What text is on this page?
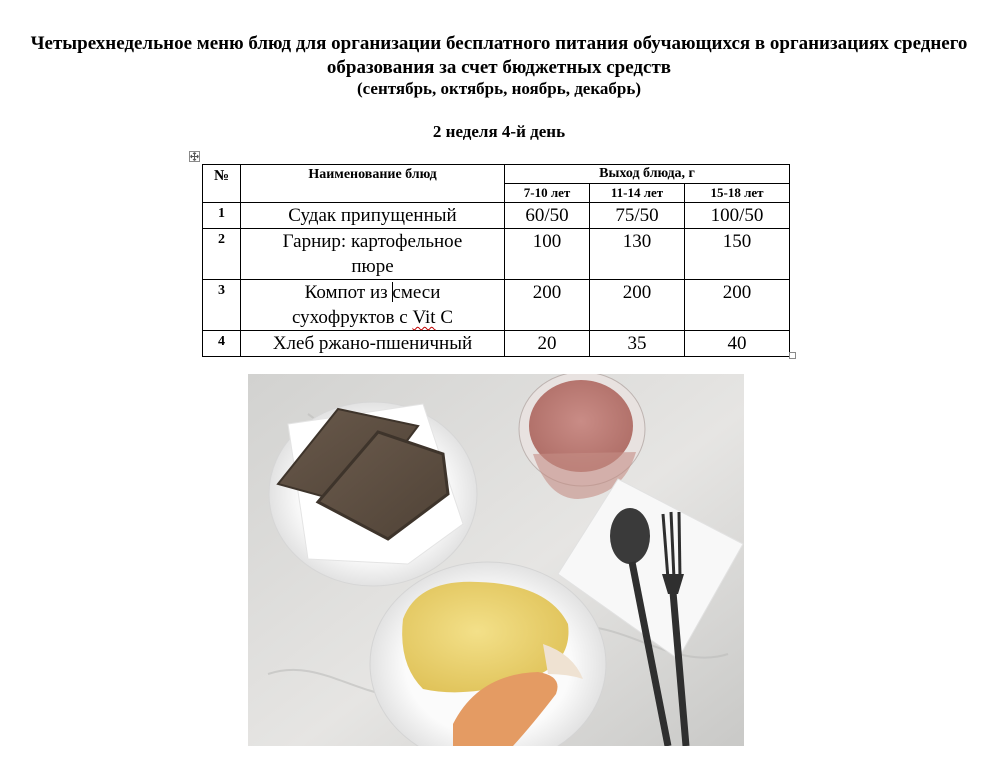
Четырехнедельное меню блюд для организации бесплатного питания обучающихся в организациях среднего образования за счет бюджетных средств
(сентябрь, октябрь, ноябрь, декабрь)
2 неделя 4-й день
№	Наименование блюд	Выход блюда, г		
		7-10 лет	11-14 лет	15-18 лет
1	Судак припущенный	60/50	75/50	100/50
2	Гарнир: картофельное пюре	100	130	150
3	Компот из смеси сухофруктов с Vit C	200	200	200
4	Хлеб ржано-пшеничный	20	35	40
